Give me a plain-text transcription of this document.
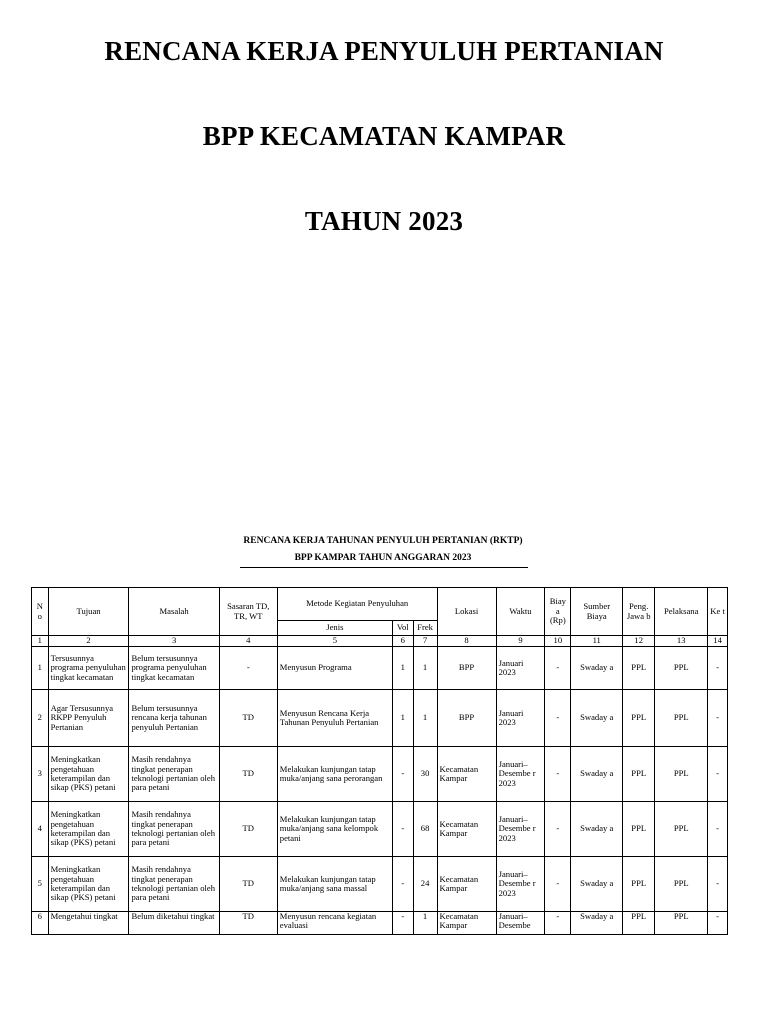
RENCANA KERJA PENYULUH PERTANIAN
BPP KECAMATAN KAMPAR
TAHUN 2023

RENCANA KERJA TAHUNAN PENYULUH PERTANIAN (RKTP)

BPP KAMPAR TAHUN ANGGARAN 2023

N o	Tujuan	Masalah	Sasaran TD, TR, WT	Metode Kegiatan Penyuluhan			Lokasi	Waktu	Biay a (Rp)	Sumber Biaya	Peng. Jawa b	Pelaksana	Ke t
				Jenis	Vol	Frek							
1	2	3	4	5	6	7	8	9	10	11	12	13	14
1	Tersusunnya programa penyuluhan tingkat kecamatan	Belum tersusunnya programa penyuluhan tingkat kecamatan	-	Menyusun Programa	1	1	BPP	Januari 2023	-	Swaday a	PPL	PPL	-
2	Agar Tersusunnya RKPP Penyuluh Pertanian	Belum tersusunnya rencana kerja tahunan penyuluh Pertanian	TD	Menyusun Rencana Kerja Tahunan Penyuluh Pertanian	1	1	BPP	Januari 2023	-	Swaday a	PPL	PPL	-
3	Meningkatkan pengetahuan keterampilan dan sikap (PKS) petani	Masih rendahnya tingkat penerapan teknologi pertanian oleh para petani	TD	Melakukan kunjungan tatap muka/anjang sana perorangan	-	30	Kecamatan Kampar	Januari–Desembe r 2023	-	Swaday a	PPL	PPL	-
4	Meningkatkan pengetahuan keterampilan dan sikap (PKS) petani	Masih rendahnya tingkat penerapan teknologi pertanian oleh para petani	TD	Melakukan kunjungan tatap muka/anjang sana kelompok petani	-	68	Kecamatan Kampar	Januari–Desembe r 2023	-	Swaday a	PPL	PPL	-
5	Meningkatkan pengetahuan keterampilan dan sikap (PKS) petani	Masih rendahnya tingkat penerapan teknologi pertanian oleh para petani	TD	Melakukan kunjungan tatap muka/anjang sana massal	-	24	Kecamatan Kampar	Januari–Desembe r 2023	-	Swaday a	PPL	PPL	-
6	Mengetahui tingkat	Belum diketahui tingkat	TD	Menyusun rencana kegiatan evaluasi	-	1	Kecamatan Kampar	Januari–Desembe	-	Swaday a	PPL	PPL	-
